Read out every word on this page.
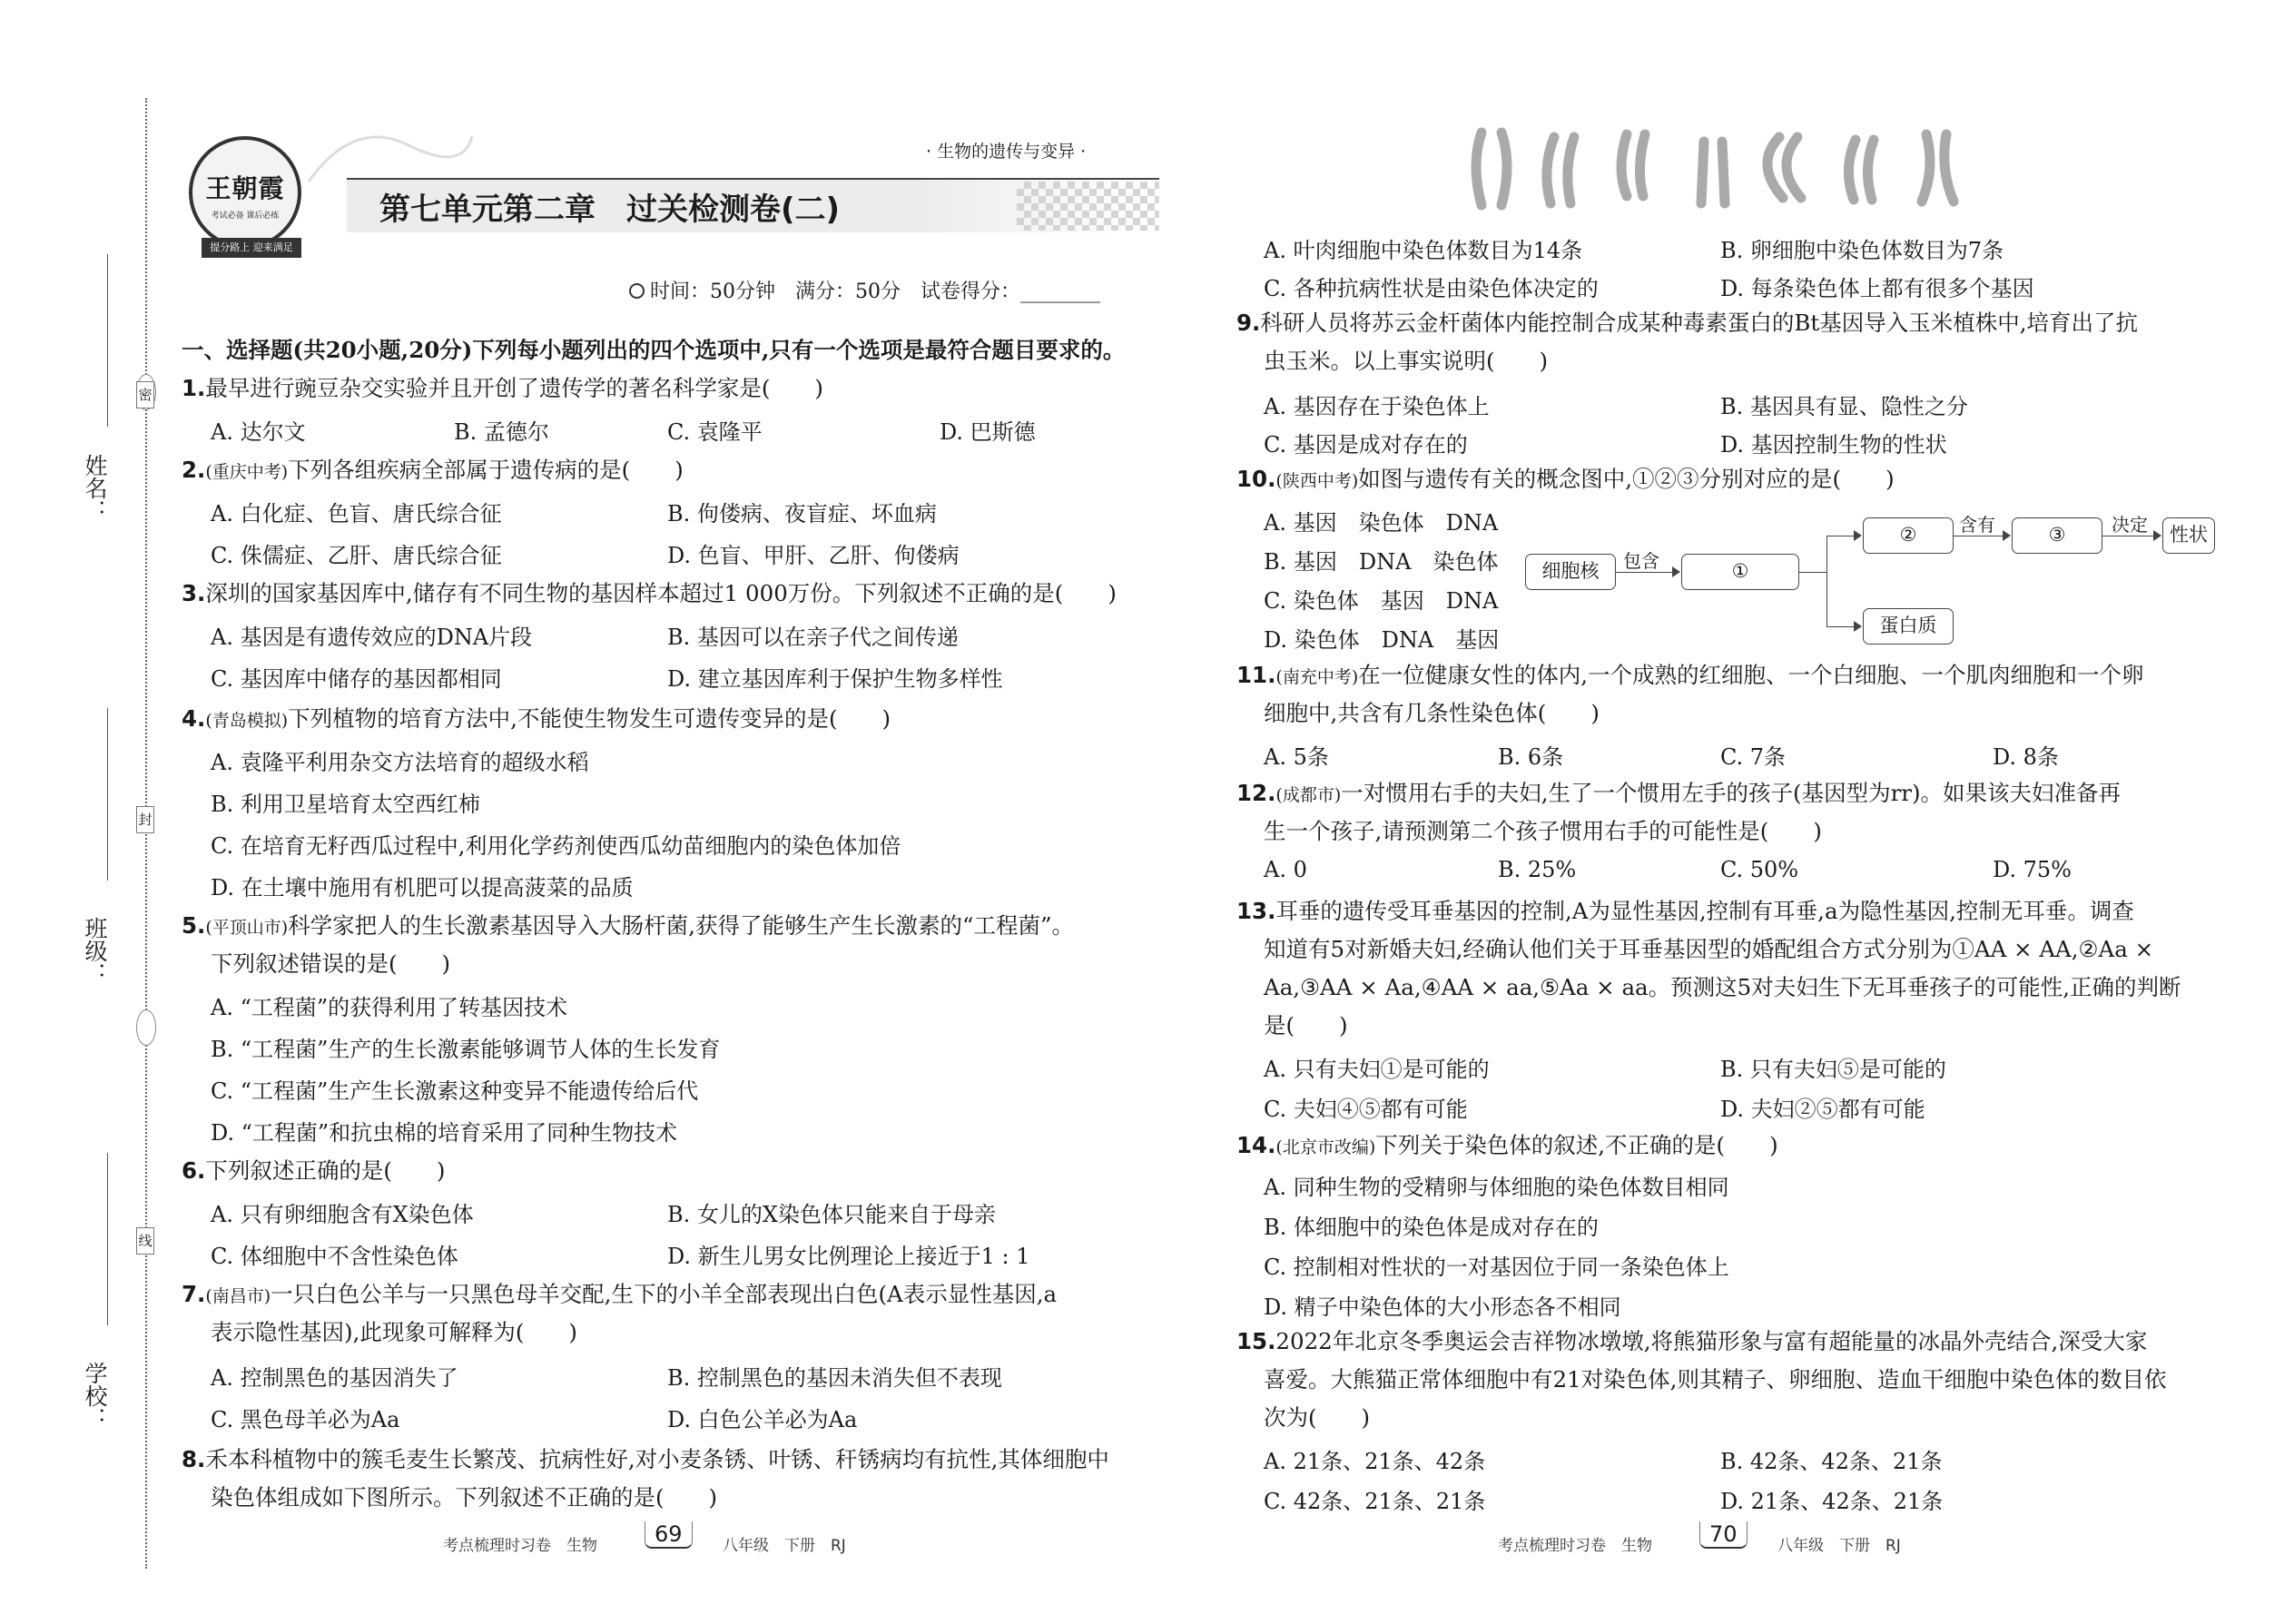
密
封
线
姓名：
班级：
学校：
王朝霞
考试必备 课后必练
提分路上 迎来满足
· 生物的遗传与变异 ·
第七单元第二章　过关检测卷(二)
时间：50分钟　满分：50分　试卷得分：________
一、选择题(共20小题,20分)下列每小题列出的四个选项中,只有一个选项是最符合题目要求的。
1.最早进行豌豆杂交实验并且开创了遗传学的著名科学家是(　　)
A. 达尔文	B. 孟德尔	C. 袁隆平	D. 巴斯德
2.(重庆中考)下列各组疾病全部属于遗传病的是(　　)
A. 白化症、色盲、唐氏综合征	B. 佝偻病、夜盲症、坏血病
C. 侏儒症、乙肝、唐氏综合征	D. 色盲、甲肝、乙肝、佝偻病
3.深圳的国家基因库中,储存有不同生物的基因样本超过1 000万份。下列叙述不正确的是(　　)
A. 基因是有遗传效应的DNA片段	B. 基因可以在亲子代之间传递
C. 基因库中储存的基因都相同	D. 建立基因库利于保护生物多样性
4.(青岛模拟)下列植物的培育方法中,不能使生物发生可遗传变异的是(　　)
A. 袁隆平利用杂交方法培育的超级水稻
B. 利用卫星培育太空西红柿
C. 在培育无籽西瓜过程中,利用化学药剂使西瓜幼苗细胞内的染色体加倍
D. 在土壤中施用有机肥可以提高菠菜的品质
5.(平顶山市)科学家把人的生长激素基因导入大肠杆菌,获得了能够生产生长激素的“工程菌”。
下列叙述错误的是(　　)
A. “工程菌”的获得利用了转基因技术
B. “工程菌”生产的生长激素能够调节人体的生长发育
C. “工程菌”生产生长激素这种变异不能遗传给后代
D. “工程菌”和抗虫棉的培育采用了同种生物技术
6.下列叙述正确的是(　　)
A. 只有卵细胞含有X染色体	B. 女儿的X染色体只能来自于母亲
C. 体细胞中不含性染色体	D. 新生儿男女比例理论上接近于1 : 1
7.(南昌市)一只白色公羊与一只黑色母羊交配,生下的小羊全部表现出白色(A表示显性基因,a
表示隐性基因),此现象可解释为(　　)
A. 控制黑色的基因消失了	B. 控制黑色的基因未消失但不表现
C. 黑色母羊必为Aa	D. 白色公羊必为Aa
8.禾本科植物中的簇毛麦生长繁茂、抗病性好,对小麦条锈、叶锈、秆锈病均有抗性,其体细胞中
染色体组成如下图所示。下列叙述不正确的是(　　)
A. 叶肉细胞中染色体数目为14条	B. 卵细胞中染色体数目为7条
C. 各种抗病性状是由染色体决定的	D. 每条染色体上都有很多个基因
9.科研人员将苏云金杆菌体内能控制合成某种毒素蛋白的Bt基因导入玉米植株中,培育出了抗
虫玉米。以上事实说明(　　)
A. 基因存在于染色体上	B. 基因具有显、隐性之分
C. 基因是成对存在的	D. 基因控制生物的性状
10.(陕西中考)如图与遗传有关的概念图中,①②③分别对应的是(　　)
A. 基因　染色体　DNA
B. 基因　DNA　染色体
C. 染色体　基因　DNA
D. 染色体　DNA　基因
细胞核	包含	①
②	含有	③	决定	性状
蛋白质
11.(南充中考)在一位健康女性的体内,一个成熟的红细胞、一个白细胞、一个肌肉细胞和一个卵
细胞中,共含有几条性染色体(　　)
A. 5条	B. 6条	C. 7条	D. 8条
12.(成都市)一对惯用右手的夫妇,生了一个惯用左手的孩子(基因型为rr)。如果该夫妇准备再
生一个孩子,请预测第二个孩子惯用右手的可能性是(　　)
A. 0	B. 25%	C. 50%	D. 75%
13.耳垂的遗传受耳垂基因的控制,A为显性基因,控制有耳垂,a为隐性基因,控制无耳垂。调查
知道有5对新婚夫妇,经确认他们关于耳垂基因型的婚配组合方式分别为①AA × AA,②Aa ×
Aa,③AA × Aa,④AA × aa,⑤Aa × aa。预测这5对夫妇生下无耳垂孩子的可能性,正确的判断
是(　　)
A. 只有夫妇①是可能的	B. 只有夫妇⑤是可能的
C. 夫妇④⑤都有可能	D. 夫妇②⑤都有可能
14.(北京市改编)下列关于染色体的叙述,不正确的是(　　)
A. 同种生物的受精卵与体细胞的染色体数目相同
B. 体细胞中的染色体是成对存在的
C. 控制相对性状的一对基因位于同一条染色体上
D. 精子中染色体的大小形态各不相同
15.2022年北京冬季奥运会吉祥物冰墩墩,将熊猫形象与富有超能量的冰晶外壳结合,深受大家
喜爱。大熊猫正常体细胞中有21对染色体,则其精子、卵细胞、造血干细胞中染色体的数目依
次为(　　)
A. 21条、21条、42条	B. 42条、42条、21条
C. 42条、21条、21条	D. 21条、42条、21条
考点梳理时习卷　生物	69	八年级　下册　RJ	考点梳理时习卷　生物	70	八年级　下册　RJ
